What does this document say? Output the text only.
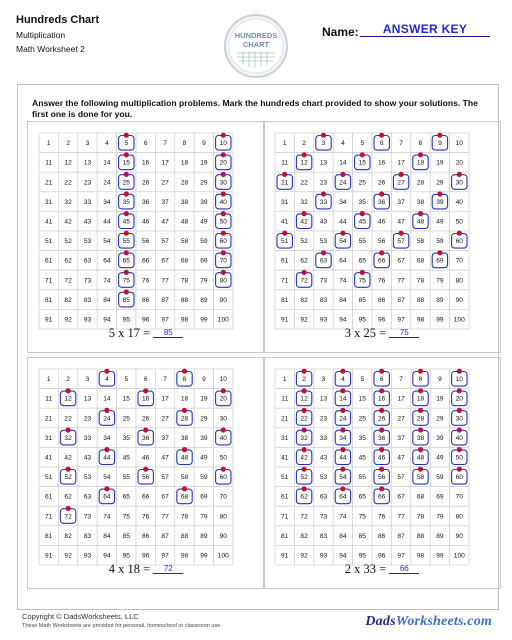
Hundreds Chart
Multiplication
Math Worksheet 2
HUNDREDS
CHART
Name:	ANSWER KEY
Answer the following multiplication problems. Mark the hundreds chart provided to show your solutions. The first one is done for you.
1 2 3 4 5 6 7 8 9 10
11 12 13 14 15 16 17 18 19 20
21 22 23 24 25 26 27 28 29 30
31 32 33 34 35 36 37 38 39 40
41 42 43 44 45 46 47 48 49 50
51 52 53 54 55 56 57 58 59 60
61 62 63 64 65 66 67 68 69 70
71 72 73 74 75 76 77 78 79 80
81 82 83 84 85 86 87 88 89 90
91 92 93 94 95 96 97 98 99 100
5 x 17 = 85
1 2 3 4 5 6 7 8 9 10
11 12 13 14 15 16 17 18 19 20
21 22 23 24 25 26 27 28 29 30
31 32 33 34 35 36 37 38 39 40
41 42 43 44 45 46 47 48 49 50
51 52 53 54 55 56 57 58 59 60
61 62 63 64 65 66 67 68 69 70
71 72 73 74 75 76 77 78 79 80
81 82 83 84 85 86 87 88 89 90
91 92 93 94 95 96 97 98 99 100
3 x 25 = 75
1 2 3 4 5 6 7 8 9 10
11 12 13 14 15 16 17 18 19 20
21 22 23 24 25 26 27 28 29 30
31 32 33 34 35 36 37 38 39 40
41 42 43 44 45 46 47 48 49 50
51 52 53 54 55 56 57 58 59 60
61 62 63 64 65 66 67 68 69 70
71 72 73 74 75 76 77 78 79 80
81 82 83 84 85 86 87 88 89 90
91 92 93 94 95 96 97 98 99 100
4 x 18 = 72
1 2 3 4 5 6 7 8 9 10
11 12 13 14 15 16 17 18 19 20
21 22 23 24 25 26 27 28 29 30
31 32 33 34 35 36 37 38 39 40
41 42 43 44 45 46 47 48 49 50
51 52 53 54 55 56 57 58 59 60
61 62 63 64 65 66 67 68 69 70
71 72 73 74 75 76 77 78 79 80
81 82 83 84 85 86 87 88 89 90
91 92 93 94 95 96 97 98 99 100
2 x 33 = 66
Copyright © DadsWorksheets, LLC
These Math Worksheets are provided for personal, homeschool or classroom use.	DadsWorksheets.com
